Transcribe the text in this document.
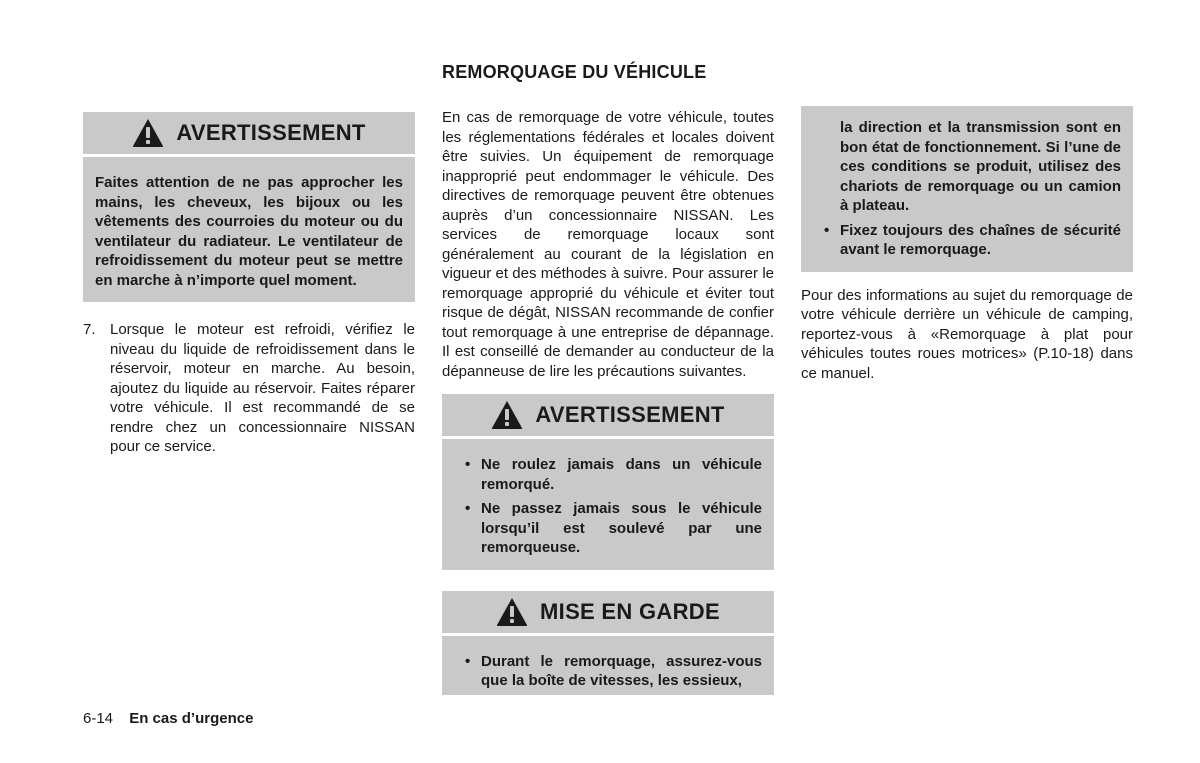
REMORQUAGE DU VÉHICULE
AVERTISSEMENT

Faites attention de ne pas approcher les mains, les cheveux, les bijoux ou les vêtements des courroies du moteur ou du ventilateur du radiateur. Le ventilateur de refroidissement du moteur peut se mettre en marche à n’importe quel moment.

7. Lorsque le moteur est refroidi, vérifiez le niveau du liquide de refroidissement dans le réservoir, moteur en marche. Au besoin, ajoutez du liquide au réservoir. Faites réparer votre véhicule. Il est recommandé de se rendre chez un concessionnaire NISSAN pour ce service.

En cas de remorquage de votre véhicule, toutes les réglementations fédérales et locales doivent être suivies. Un équipement de remorquage inapproprié peut endommager le véhicule. Des directives de remorquage peuvent être obtenues auprès d’un concessionnaire NISSAN. Les services de remorquage locaux sont généralement au courant de la législation en vigueur et des méthodes à suivre. Pour assurer le remorquage approprié du véhicule et éviter tout risque de dégât, NISSAN recommande de confier tout remorquage à une entreprise de dépannage. Il est conseillé de demander au conducteur de la dépanneuse de lire les précautions suivantes.

AVERTISSEMENT
• Ne roulez jamais dans un véhicule remorqué.
• Ne passez jamais sous le véhicule lorsqu’il est soulevé par une remorqueuse.
MISE EN GARDE
• Durant le remorquage, assurez-vous que la boîte de vitesses, les essieux,

la direction et la transmission sont en bon état de fonctionnement. Si l’une de ces conditions se produit, utilisez des chariots de remorquage ou un camion à plateau.

• Fixez toujours des chaînes de sécurité avant le remorquage.

Pour des informations au sujet du remorquage de votre véhicule derrière un véhicule de camping, reportez-vous à «Remorquage à plat pour véhicules toutes roues motrices» (P.10-18) dans ce manuel.

6-14 En cas d’urgence
